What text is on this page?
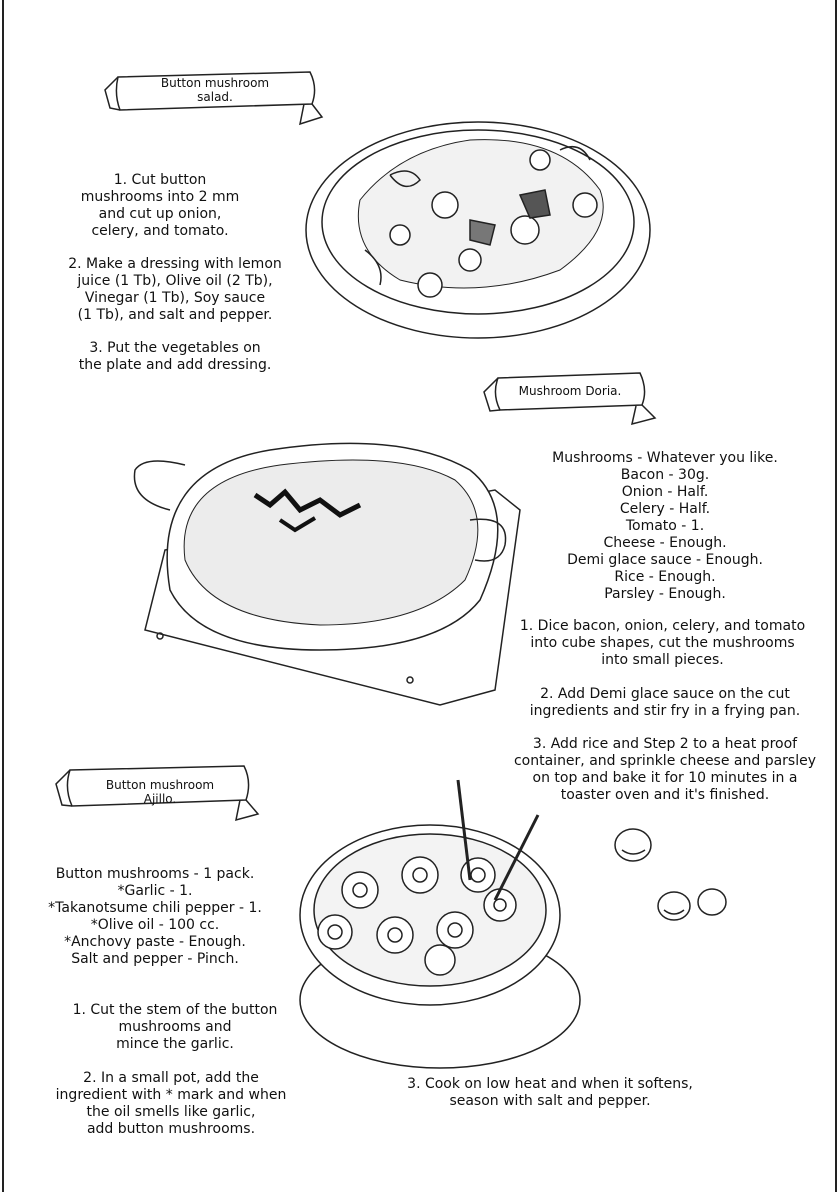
Button mushroom
salad.
1. Cut button
mushrooms into 2 mm
and cut up onion,
celery, and tomato.
2. Make a dressing with lemon
juice (1 Tb), Olive oil (2 Tb),
Vinegar (1 Tb), Soy sauce
(1 Tb), and salt and pepper.
3. Put the vegetables on
the plate and add dressing.
Mushroom Doria.
Mushrooms - Whatever you like.
Bacon - 30g.
Onion - Half.
Celery - Half.
Tomato - 1.
Cheese - Enough.
Demi glace sauce - Enough.
Rice - Enough.
Parsley - Enough.
1. Dice bacon, onion, celery, and tomato
into cube shapes, cut the mushrooms
into small pieces.
2. Add Demi glace sauce on the cut
ingredients and stir fry in a frying pan.
3. Add rice and Step 2 to a heat proof
container, and sprinkle cheese and parsley
on top and bake it for 10 minutes in a
toaster oven and it's finished.
Button mushroom
Ajillo.
Button mushrooms - 1 pack.
*Garlic - 1.
*Takanotsume chili pepper - 1.
*Olive oil - 100 cc.
*Anchovy paste - Enough.
Salt and pepper - Pinch.
1. Cut the stem of the button
mushrooms and
mince the garlic.
2. In a small pot, add the
ingredient with * mark and when
the oil smells like garlic,
add button mushrooms.
3. Cook on low heat and when it softens,
season with salt and pepper.
